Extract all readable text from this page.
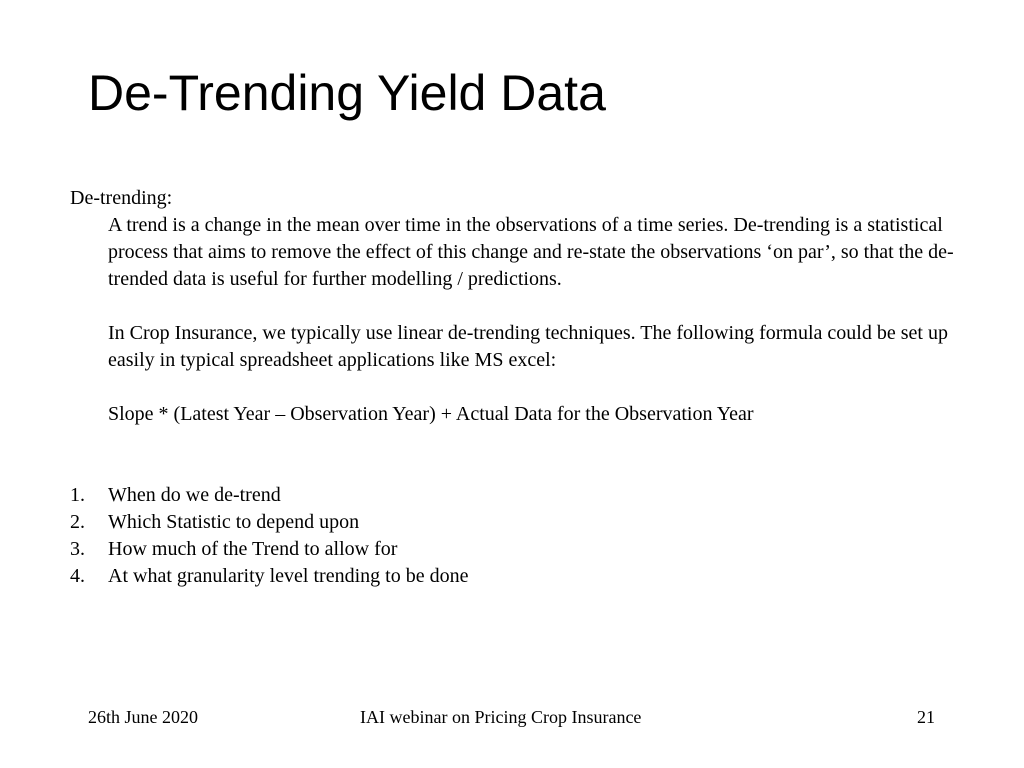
De-Trending Yield Data

De-trending:

A trend is a change in the mean over time in the observations of a time series. De-trending is a statistical process that aims to remove the effect of this change and re-state the observations ‘on par’, so that the de-trended data is useful for further modelling / predictions.

In Crop Insurance, we typically use linear de-trending techniques. The following formula could be set up easily in typical spreadsheet applications like MS excel:

Slope * (Latest Year – Observation Year) + Actual Data for the Observation Year

1.	When do we de-trend
2.	Which Statistic to depend upon
3.	How much of the Trend to allow for
4.	At what granularity level trending to be done
26th June 2020	IAI webinar on Pricing Crop Insurance	21
